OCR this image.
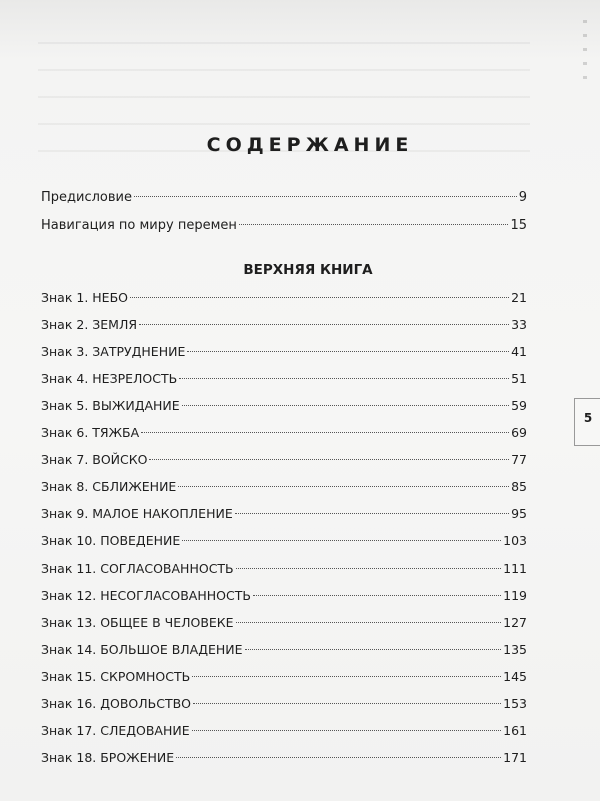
СОДЕРЖАНИЕ
Предисловие	9
Навигация по миру перемен	15
Знак 1. НЕБО	21
Знак 2. ЗЕМЛЯ	33
Знак 3. ЗАТРУДНЕНИЕ	41
Знак 4. НЕЗРЕЛОСТЬ	51
Знак 5. ВЫЖИДАНИЕ	59
Знак 6. ТЯЖБА	69
Знак 7. ВОЙСКО	77
Знак 8. СБЛИЖЕНИЕ	85
Знак 9. МАЛОЕ НАКОПЛЕНИЕ	95
Знак 10. ПОВЕДЕНИЕ	103
Знак 11. СОГЛАСОВАННОСТЬ	111
Знак 12. НЕСОГЛАСОВАННОСТЬ	119
Знак 13. ОБЩЕЕ В ЧЕЛОВЕКЕ	127
Знак 14. БОЛЬШОЕ ВЛАДЕНИЕ	135
Знак 15. СКРОМНОСТЬ	145
Знак 16. ДОВОЛЬСТВО	153
Знак 17. СЛЕДОВАНИЕ	161
Знак 18. БРОЖЕНИЕ	171
ВЕРХНЯЯ КНИГА
5
